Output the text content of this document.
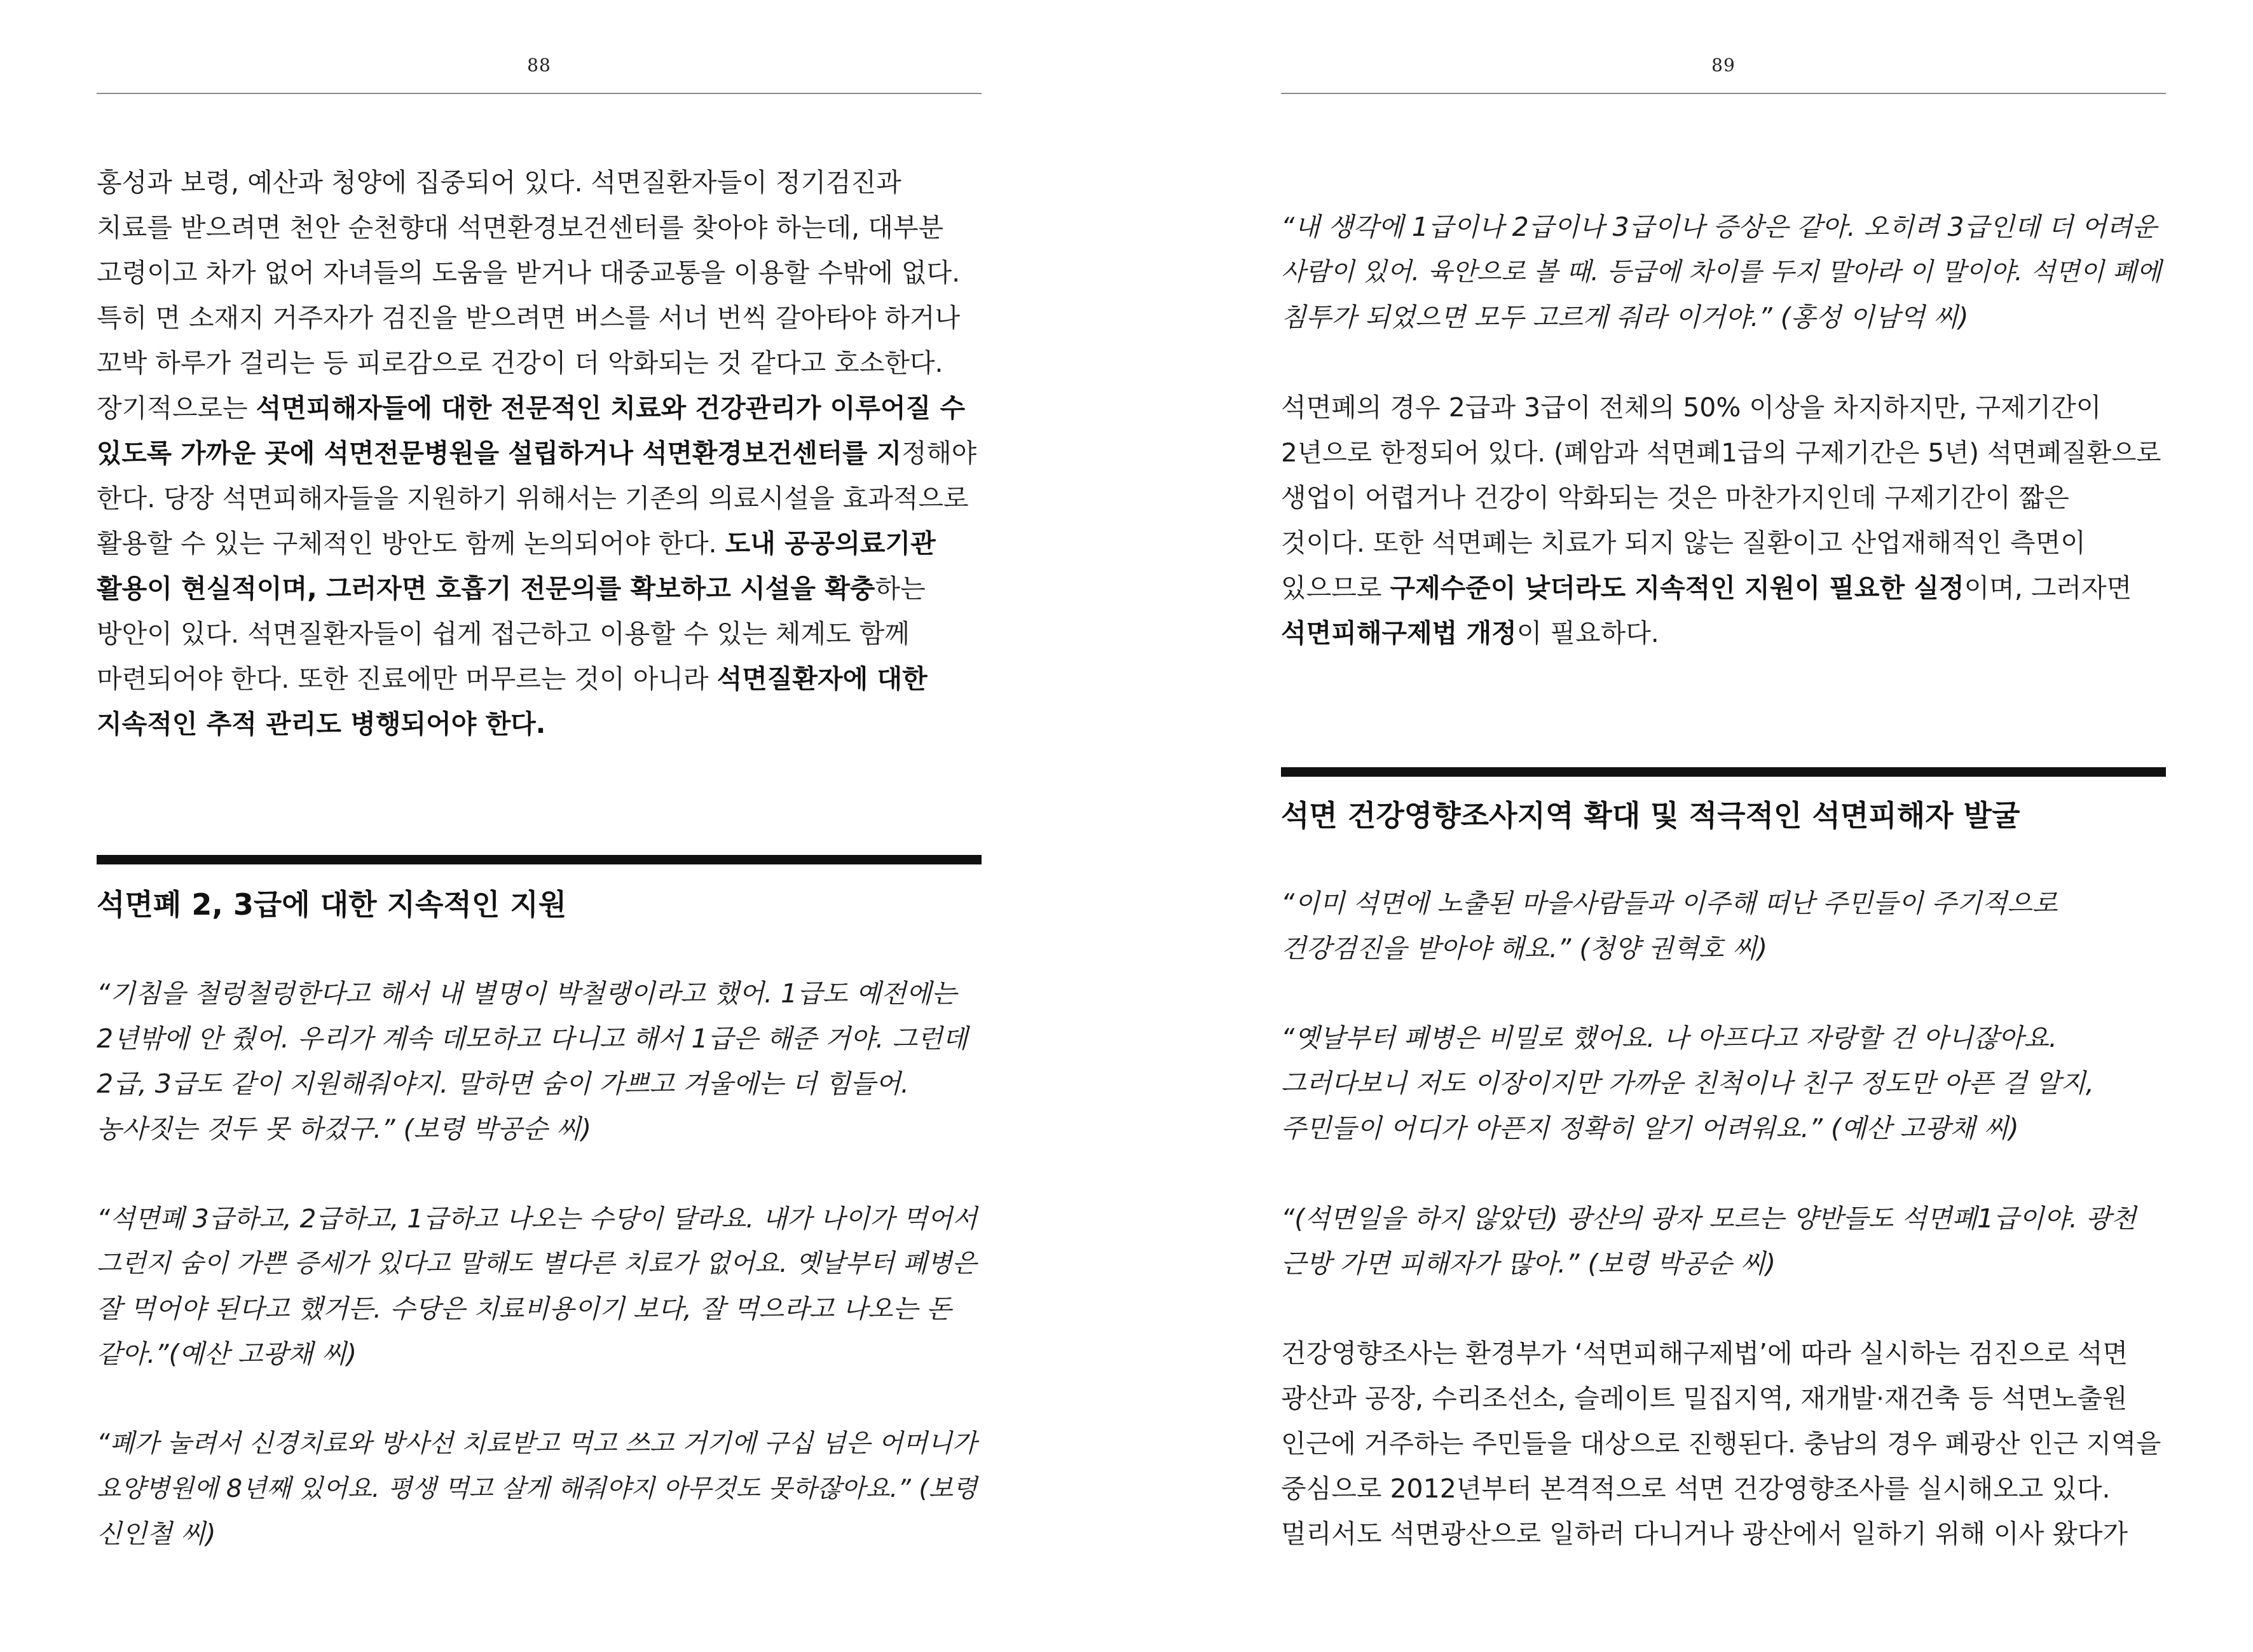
88
홍성과 보령, 예산과 청양에 집중되어 있다. 석면질환자들이 정기검진과
치료를 받으려면 천안 순천향대 석면환경보건센터를 찾아야 하는데, 대부분
고령이고 차가 없어 자녀들의 도움을 받거나 대중교통을 이용할 수밖에 없다.
특히 면 소재지 거주자가 검진을 받으려면 버스를 서너 번씩 갈아타야 하거나
꼬박 하루가 걸리는 등 피로감으로 건강이 더 악화되는 것 같다고 호소한다.
장기적으로는 석면피해자들에 대한 전문적인 치료와 건강관리가 이루어질 수
있도록 가까운 곳에 석면전문병원을 설립하거나 석면환경보건센터를 지정해야
한다. 당장 석면피해자들을 지원하기 위해서는 기존의 의료시설을 효과적으로
활용할 수 있는 구체적인 방안도 함께 논의되어야 한다. 도내 공공의료기관
활용이 현실적이며, 그러자면 호흡기 전문의를 확보하고 시설을 확충하는
방안이 있다. 석면질환자들이 쉽게 접근하고 이용할 수 있는 체계도 함께
마련되어야 한다. 또한 진료에만 머무르는 것이 아니라 석면질환자에 대한
지속적인 추적 관리도 병행되어야 한다.
석면폐 2, 3급에 대한 지속적인 지원
“기침을 철렁철렁한다고 해서 내 별명이 박철랭이라고 했어. 1급도 예전에는
2년밖에 안 줬어. 우리가 계속 데모하고 다니고 해서 1급은 해준 거야. 그런데
2급, 3급도 같이 지원해줘야지. 말하면 숨이 가쁘고 겨울에는 더 힘들어.
농사짓는 것두 못 하겄구.” (보령 박공순 씨)
“석면폐 3급하고, 2급하고, 1급하고 나오는 수당이 달라요. 내가 나이가 먹어서
그런지 숨이 가쁜 증세가 있다고 말해도 별다른 치료가 없어요. 옛날부터 폐병은
잘 먹어야 된다고 했거든. 수당은 치료비용이기 보다, 잘 먹으라고 나오는 돈
같아.”(예산 고광채 씨)
“폐가 눌려서 신경치료와 방사선 치료받고 먹고 쓰고 거기에 구십 넘은 어머니가
요양병원에 8년째 있어요. 평생 먹고 살게 해줘야지 아무것도 못하잖아요.” (보령
신인철 씨)
89
“내 생각에 1급이나 2급이나 3급이나 증상은 같아. 오히려 3급인데 더 어려운
사람이 있어. 육안으로 볼 때. 등급에 차이를 두지 말아라 이 말이야. 석면이 폐에
침투가 되었으면 모두 고르게 줘라 이거야.” (홍성 이남억 씨)
석면폐의 경우 2급과 3급이 전체의 50% 이상을 차지하지만, 구제기간이
2년으로 한정되어 있다. (폐암과 석면폐1급의 구제기간은 5년) 석면폐질환으로
생업이 어렵거나 건강이 악화되는 것은 마찬가지인데 구제기간이 짧은
것이다. 또한 석면폐는 치료가 되지 않는 질환이고 산업재해적인 측면이
있으므로 구제수준이 낮더라도 지속적인 지원이 필요한 실정이며, 그러자면
석면피해구제법 개정이 필요하다.
석면 건강영향조사지역 확대 및 적극적인 석면피해자 발굴
“이미 석면에 노출된 마을사람들과 이주해 떠난 주민들이 주기적으로
건강검진을 받아야 해요.” (청양 권혁호 씨)
“옛날부터 폐병은 비밀로 했어요. 나 아프다고 자랑할 건 아니잖아요.
그러다보니 저도 이장이지만 가까운 친척이나 친구 정도만 아픈 걸 알지,
주민들이 어디가 아픈지 정확히 알기 어려워요.” (예산 고광채 씨)
“(석면일을 하지 않았던) 광산의 광자 모르는 양반들도 석면폐1급이야. 광천
근방 가면 피해자가 많아.” (보령 박공순 씨)
건강영향조사는 환경부가 ‘석면피해구제법’에 따라 실시하는 검진으로 석면
광산과 공장, 수리조선소, 슬레이트 밀집지역, 재개발·재건축 등 석면노출원
인근에 거주하는 주민들을 대상으로 진행된다. 충남의 경우 폐광산 인근 지역을
중심으로 2012년부터 본격적으로 석면 건강영향조사를 실시해오고 있다.
멀리서도 석면광산으로 일하러 다니거나 광산에서 일하기 위해 이사 왔다가
